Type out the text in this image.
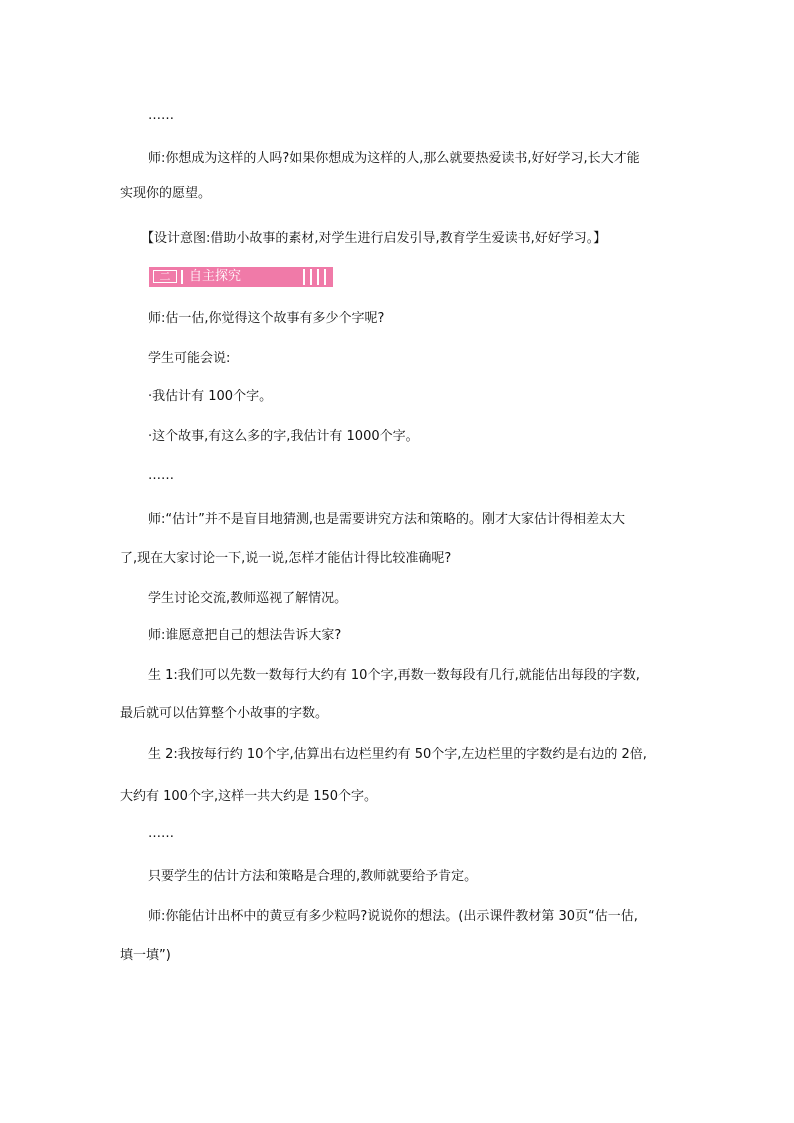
……
师:你想成为这样的人吗?如果你想成为这样的人,那么就要热爱读书,好好学习,长大才能
实现你的愿望。
【设计意图:借助小故事的素材,对学生进行启发引导,教育学生爱读书,好好学习。】
二	自主探究
师:估一估,你觉得这个故事有多少个字呢?
学生可能会说:
·我估计有 100个字。
·这个故事,有这么多的字,我估计有 1000个字。
……
师:“估计”并不是盲目地猜测,也是需要讲究方法和策略的。刚才大家估计得相差太大
了,现在大家讨论一下,说一说,怎样才能估计得比较准确呢?
学生讨论交流,教师巡视了解情况。
师:谁愿意把自己的想法告诉大家?
生 1:我们可以先数一数每行大约有 10个字,再数一数每段有几行,就能估出每段的字数,
最后就可以估算整个小故事的字数。
生 2:我按每行约 10个字,估算出右边栏里约有 50个字,左边栏里的字数约是右边的 2倍,
大约有 100个字,这样一共大约是 150个字。
……
只要学生的估计方法和策略是合理的,教师就要给予肯定。
师:你能估计出杯中的黄豆有多少粒吗?说说你的想法。(出示课件教材第 30页“估一估,
填一填”)
